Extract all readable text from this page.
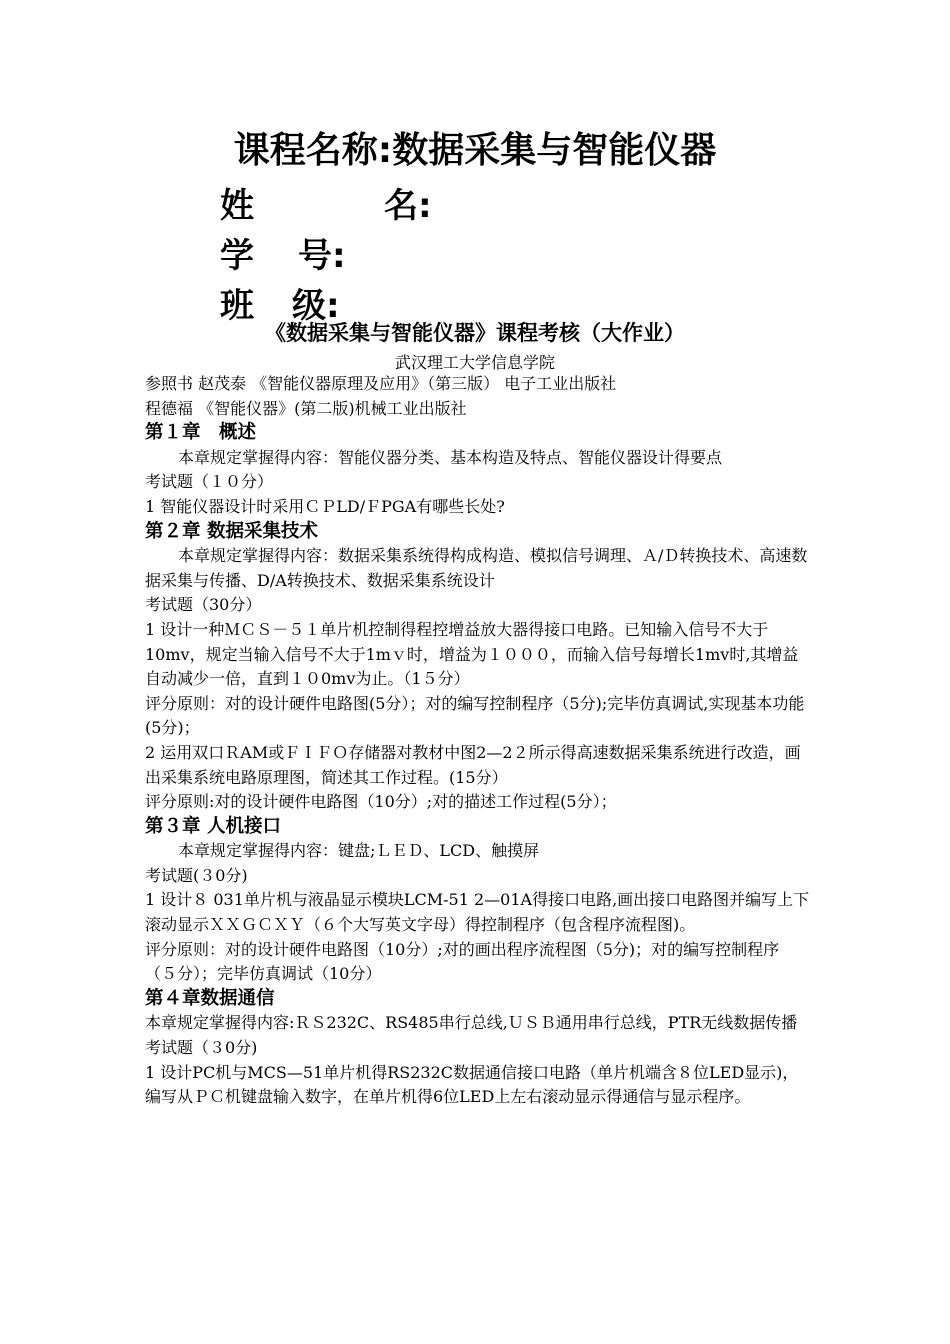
课程名称:数据采集与智能仪器
姓	名:
学 号:
班 级:
《数据采集与智能仪器》课程考核（大作业）
武汉理工大学信息学院

参照书 赵茂泰 《智能仪器原理及应用》（第三版） 电子工业出版社

程德福 《智能仪器》(第二版)机械工业出版社

第１章　概述

本章规定掌握得内容：智能仪器分类、基本构造及特点、智能仪器设计得要点

考试题（１０分）

1 智能仪器设计时采用ＣＰLD/ＦPGA有哪些长处?

第２章 数据采集技术

本章规定掌握得内容：数据采集系统得构成构造、模拟信号调理、Ａ/Ｄ转换技术、高速数据采集与传播、D/A转换技术、数据采集系统设计

考试题（30分）

1 设计一种ＭＣＳ－５１单片机控制得程控增益放大器得接口电路。已知输入信号不大于10mv，规定当输入信号不大于1mｖ时，增益为１０００，而输入信号每增长1mv时,其增益自动减少一倍，直到１０0mv为止。（1５分）

评分原则：对的设计硬件电路图(5分）；对的编写控制程序（5分);完毕仿真调试,实现基本功能(5分)；

2 运用双口ＲAM或ＦＩＦＯ存储器对教材中图2—2２所示得高速数据采集系统进行改造，画出采集系统电路原理图，简述其工作过程。(15分）

评分原则:对的设计硬件电路图（10分）;对的描述工作过程(5分）；

第３章 人机接口

本章规定掌握得内容：键盘;ＬＥＤ、LCD、触摸屏

考试题(３0分)

1 设计８ 031单片机与液晶显示模块LCM-51 2—01A得接口电路,画出接口电路图并编写上下滚动显示ＸＸＧＣＸＹ（６个大写英文字母）得控制程序（包含程序流程图)。

评分原则：对的设计硬件电路图（10分）;对的画出程序流程图（5分)；对的编写控制程序（５分）；完毕仿真调试（10分）

第４章数据通信

本章规定掌握得内容:ＲＳ232C、RS485串行总线,ＵＳＢ通用串行总线，PTR无线数据传播

考试题（３0分)

1 设计PC机与MCS—51单片机得RS232C数据通信接口电路（单片机端含８位LED显示)，编写从ＰＣ机键盘输入数字，在单片机得6位LED上左右滚动显示得通信与显示程序。
